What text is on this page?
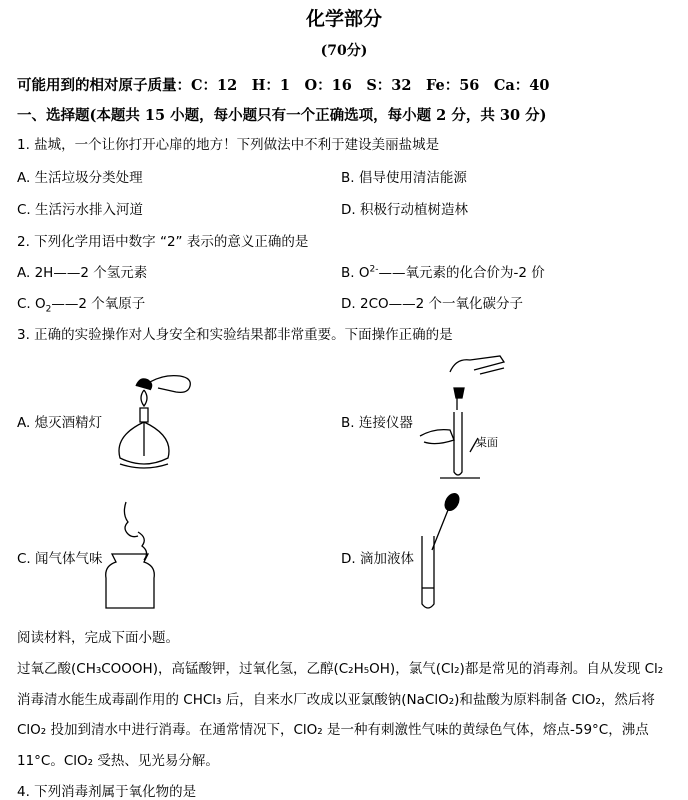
化学部分
(70分)
可能用到的相对原子质量：C：12　H：1　O：16　S：32　Fe：56　Ca：40
一、选择题(本题共 15 小题，每小题只有一个正确选项，每小题 2 分，共 30 分)
1. 盐城，一个让你打开心扉的地方！下列做法中不利于建设美丽盐城是
A. 生活垃圾分类处理	B. 倡导使用清洁能源
C. 生活污水排入河道	D. 积极行动植树造林
2. 下列化学用语中数字 “2” 表示的意义正确的是
A. 2H——2 个氢元素	B. $O^{2-}——$氧元素的化合价为-2 价
C. $O_2——2$ 个氧原子	D. 2CO——2 个一氧化碳分子
3. 正确的实验操作对人身安全和实验结果都非常重要。下面操作正确的是
A. 熄灭酒精灯	B. 连接仪器
C. 闻气体气味	D. 滴加液体
桌面
阅读材料，完成下面小题。
过氧乙酸(CH₃COOOH)，高锰酸钾，过氧化氢，乙醇(C₂H₅OH)，氯气(Cl₂)都是常见的消毒剂。自从发现 Cl₂
消毒清水能生成毒副作用的 CHCl₃ 后，自来水厂改成以亚氯酸钠(NaClO₂)和盐酸为原料制备 ClO₂，然后将
ClO₂ 投加到清水中进行消毒。在通常情况下，ClO₂ 是一种有刺激性气味的黄绿色气体，熔点-59°C，沸点
11°C。ClO₂ 受热、见光易分解。
4. 下列消毒剂属于氧化物的是
